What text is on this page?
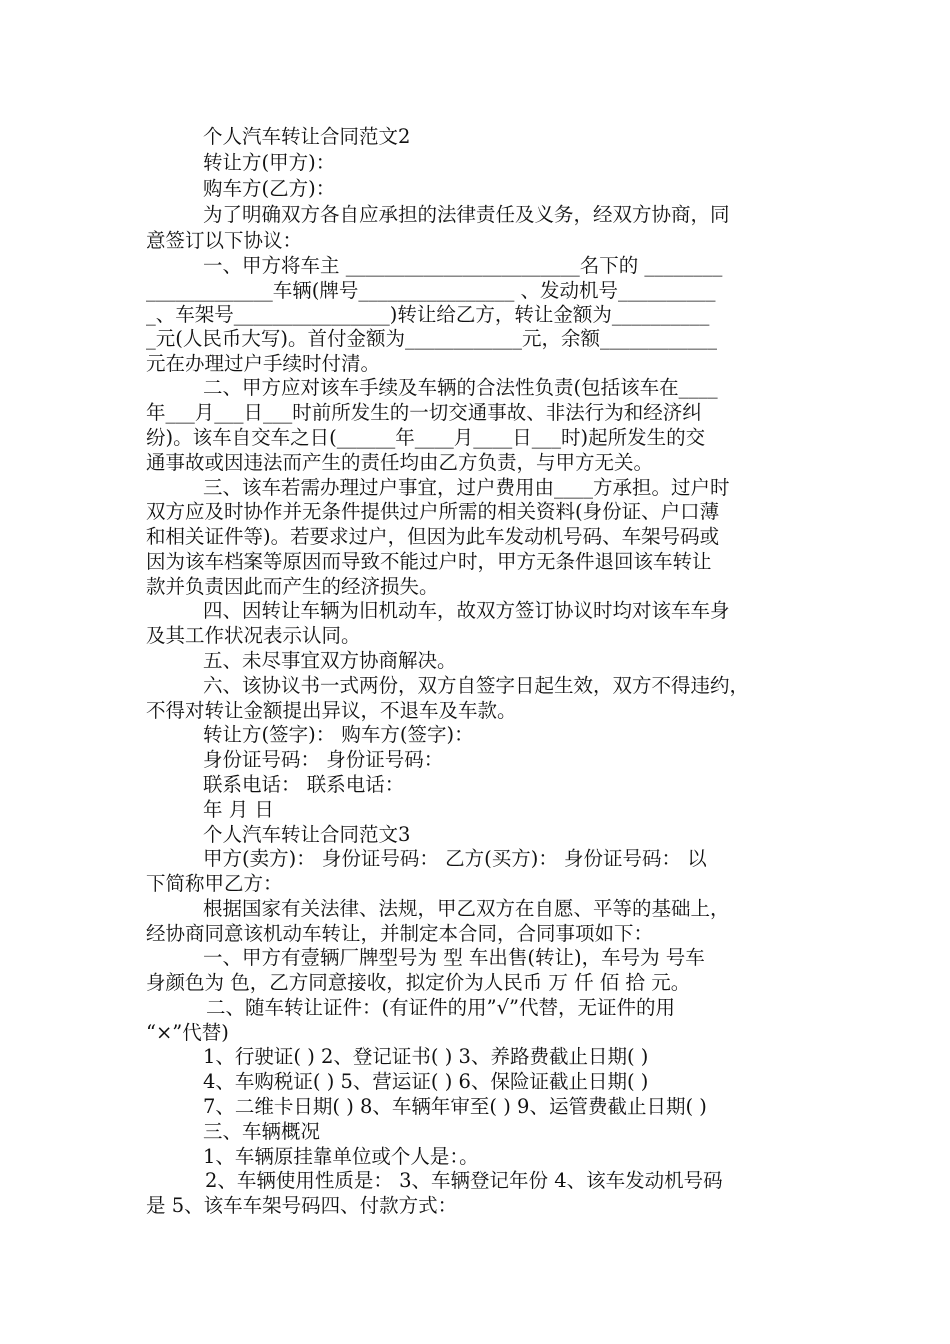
个人汽车转让合同范文2
转让方(甲方)：
购车方(乙方)：
为了明确双方各自应承担的法律责任及义务，经双方协商，同
意签订以下协议：
一、甲方将车主 ________________________名下的 ________
_____________车辆(牌号________________ 、发动机号__________
_、车架号________________)转让给乙方，转让金额为__________
_元(人民币大写)。首付金额为____________元，余额____________
元在办理过户手续时付清。
二、甲方应对该车手续及车辆的合法性负责(包括该车在____
年___月___日___时前所发生的一切交通事故、非法行为和经济纠
纷)。该车自交车之日(______年____月____日___时)起所发生的交
通事故或因违法而产生的责任均由乙方负责，与甲方无关。
三、该车若需办理过户事宜，过户费用由____方承担。过户时
双方应及时协作并无条件提供过户所需的相关资料(身份证、户口薄
和相关证件等)。若要求过户，但因为此车发动机号码、车架号码或
因为该车档案等原因而导致不能过户时，甲方无条件退回该车转让
款并负责因此而产生的经济损失。
四、因转让车辆为旧机动车，故双方签订协议时均对该车车身
及其工作状况表示认同。
五、未尽事宜双方协商解决。
六、该协议书一式两份，双方自签字日起生效，双方不得违约，
不得对转让金额提出异议，不退车及车款。
转让方(签字)： 购车方(签字)：
身份证号码： 身份证号码：
联系电话： 联系电话：
年 月 日
个人汽车转让合同范文3
甲方(卖方)： 身份证号码： 乙方(买方)： 身份证号码： 以
下简称甲乙方：
根据国家有关法律、法规，甲乙双方在自愿、平等的基础上，
经协商同意该机动车转让，并制定本合同，合同事项如下：
一、甲方有壹辆厂牌型号为 型 车出售(转让)，车号为 号车
身颜色为 色，乙方同意接收，拟定价为人民币 万 仟 佰 拾 元。
二、随车转让证件：(有证件的用”√”代替，无证件的用
“×”代替)
1、行驶证( ) 2、登记证书( ) 3、养路费截止日期( )
4、车购税证( ) 5、营运证( ) 6、保险证截止日期( )
7、二维卡日期( ) 8、车辆年审至( ) 9、运管费截止日期( )
三、车辆概况
1、车辆原挂靠单位或个人是：。
2、车辆使用性质是： 3、车辆登记年份 4、该车发动机号码
是 5、该车车架号码四、付款方式：
